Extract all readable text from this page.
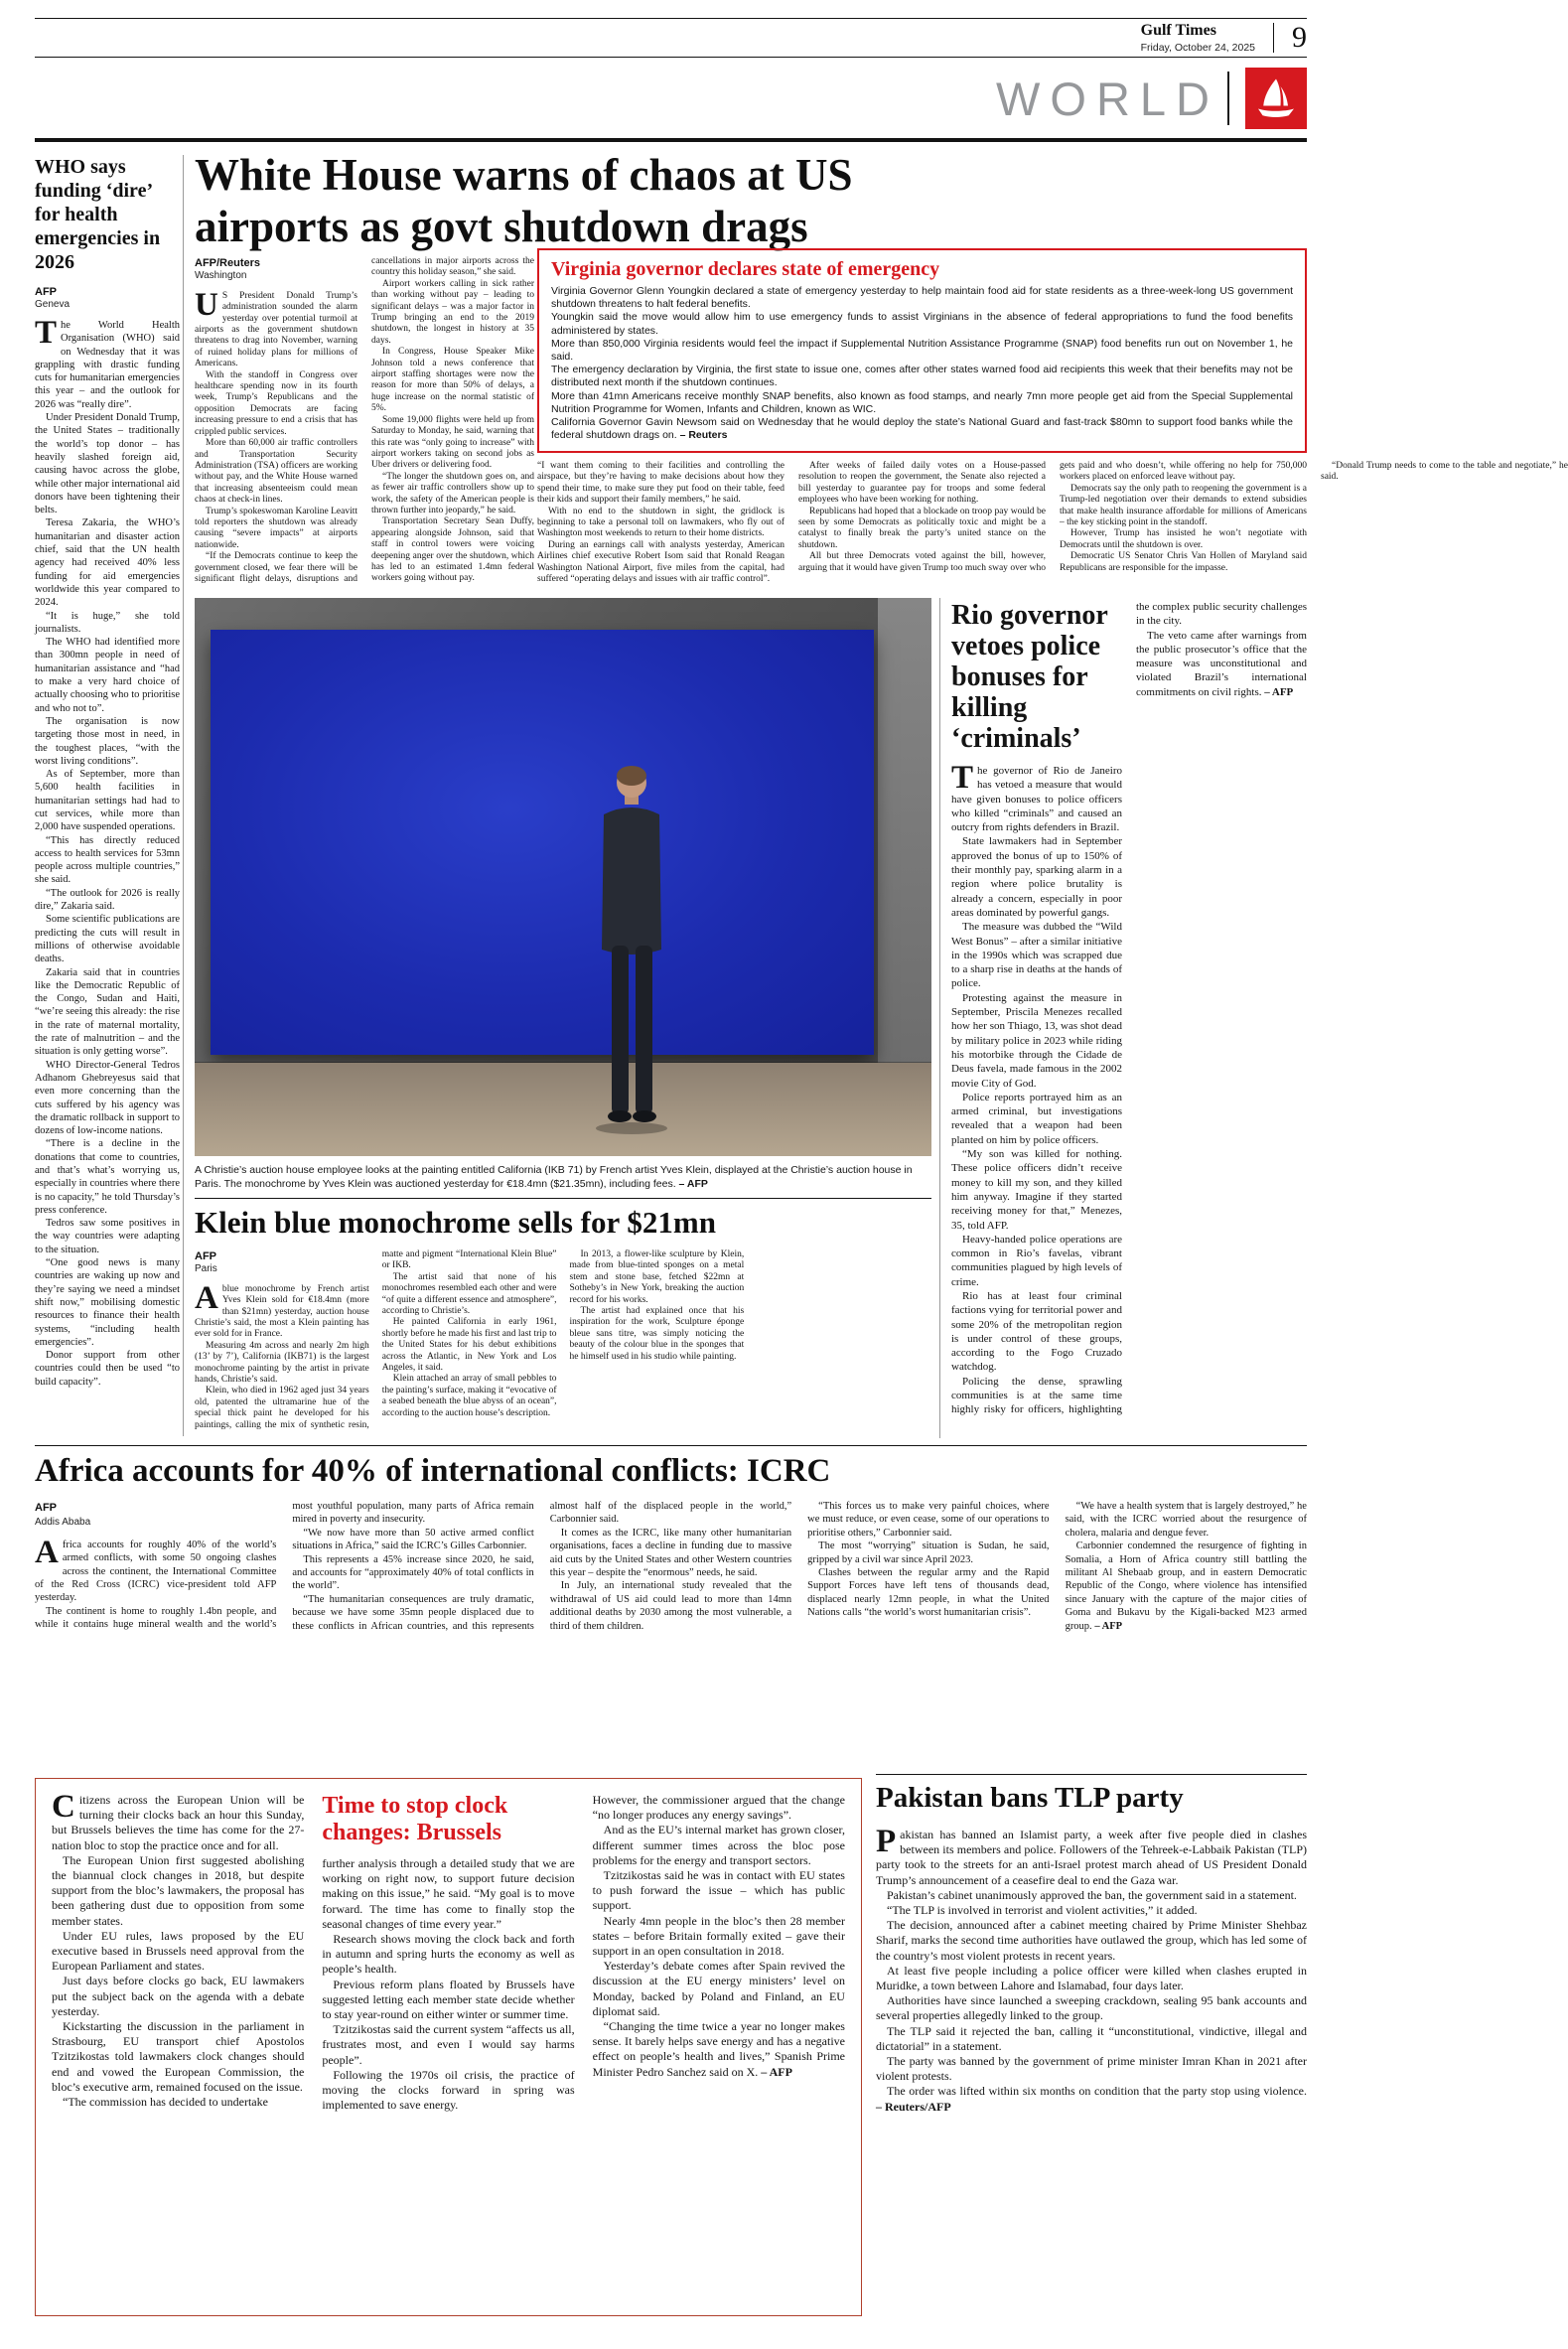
Gulf Times
Friday, October 24, 2025 9
WORLD
WHO says funding ‘dire’ for health emergencies in 2026
AFP
Geneva

The World Health Organisation (WHO) said on Wednesday that it was grappling with drastic funding cuts for humanitarian emergencies this year – and the outlook for 2026 was “really dire”.

Under President Donald Trump, the United States – traditionally the world’s top donor – has heavily slashed foreign aid, causing havoc across the globe, while other major international aid donors have been tightening their belts.

Teresa Zakaria, the WHO’s humanitarian and disaster action chief, said that the UN health agency had received 40% less funding for aid emergencies worldwide this year compared to 2024.

“It is huge,” she told journalists.

The WHO had identified more than 300mn people in need of humanitarian assistance and “had to make a very hard choice of actually choosing who to prioritise and who not to”.

The organisation is now targeting those most in need, in the toughest places, “with the worst living conditions”.

As of September, more than 5,600 health facilities in humanitarian settings had had to cut services, while more than 2,000 have suspended operations.

“This has directly reduced access to health services for 53mn people across multiple countries,” she said.

“The outlook for 2026 is really dire,” Zakaria said.

Some scientific publications are predicting the cuts will result in millions of otherwise avoidable deaths.

Zakaria said that in countries like the Democratic Republic of the Congo, Sudan and Haiti, “we’re seeing this already: the rise in the rate of maternal mortality, the rate of malnutrition – and the situation is only getting worse”.

WHO Director-General Tedros Adhanom Ghebreyesus said that even more concerning than the cuts suffered by his agency was the dramatic rollback in support to dozens of low-income nations.

“There is a decline in the donations that come to countries, and that’s what’s worrying us, especially in countries where there is no capacity,” he told Thursday’s press conference.

Tedros saw some positives in the way countries were adapting to the situation.

“One good news is many countries are waking up now and they’re saying we need a mindset shift now,” mobilising domestic resources to finance their health systems, “including health emergencies”.

Donor support from other countries could then be used “to build capacity”.

White House warns of chaos at US airports as govt shutdown drags
AFP/Reuters
Washington

U S President Donald Trump’s administration sounded the alarm yesterday over potential turmoil at airports as the government shutdown threatens to drag into November, warning of ruined holiday plans for millions of Americans.

With the standoff in Congress over healthcare spending now in its fourth week, Trump’s Republicans and the opposition Democrats are facing increasing pressure to end a crisis that has crippled public services.

More than 60,000 air traffic controllers and Transportation Security Administration (TSA) officers are working without pay, and the White House warned that increasing absenteeism could mean chaos at check-in lines.

Trump’s spokeswoman Karoline Leavitt told reporters the shutdown was already causing “severe impacts” at airports nationwide.

“If the Democrats continue to keep the government closed, we fear there will be significant flight delays, disruptions and cancellations in major airports across the country this holiday season,” she said.

Airport workers calling in sick rather than working without pay – leading to significant delays – was a major factor in Trump bringing an end to the 2019 shutdown, the longest in history at 35 days.

In Congress, House Speaker Mike Johnson told a news conference that airport staffing shortages were now the reason for more than 50% of delays, a huge increase on the normal statistic of 5%.

Some 19,000 flights were held up from Saturday to Monday, he said, warning that this rate was “only going to increase” with airport workers taking on second jobs as Uber drivers or delivering food.

“The longer the shutdown goes on, and as fewer air traffic controllers show up to work, the safety of the American people is thrown further into jeopardy,” he said.

Transportation Secretary Sean Duffy, appearing alongside Johnson, said that staff in control towers were voicing deepening anger over the shutdown, which has led to an estimated 1.4mn federal workers going without pay.

Virginia governor declares state of emergency

Virginia Governor Glenn Youngkin declared a state of emergency yesterday to help maintain food aid for state residents as a three-week-long US government shutdown threatens to halt federal benefits.

Youngkin said the move would allow him to use emergency funds to assist Virginians in the absence of federal appropriations to fund the food benefits administered by states.

More than 850,000 Virginia residents would feel the impact if Supplemental Nutrition Assistance Programme (SNAP) food benefits run out on November 1, he said.

The emergency declaration by Virginia, the first state to issue one, comes after other states warned food aid recipients this week that their benefits may not be distributed next month if the shutdown continues.

More than 41mn Americans receive monthly SNAP benefits, also known as food stamps, and nearly 7mn more people get aid from the Special Supplemental Nutrition Programme for Women, Infants and Children, known as WIC.

California Governor Gavin Newsom said on Wednesday that he would deploy the state’s National Guard and fast-track $80mn to support food banks while the federal shutdown drags on. – Reuters

“I want them coming to their facilities and controlling the airspace, but they’re having to make decisions about how they spend their time, to make sure they put food on their table, feed their kids and support their family members,” he said.

With no end to the shutdown in sight, the gridlock is beginning to take a personal toll on lawmakers, who fly out of Washington most weekends to return to their home districts.

During an earnings call with analysts yesterday, American Airlines chief executive Robert Isom said that Ronald Reagan Washington National Airport, five miles from the capital, had suffered “operating delays and issues with air traffic control”.

After weeks of failed daily votes on a House-passed resolution to reopen the government, the Senate also rejected a bill yesterday to guarantee pay for troops and some federal employees who have been working for nothing.

Republicans had hoped that a blockade on troop pay would be seen by some Democrats as politically toxic and might be a catalyst to finally break the party’s united stance on the shutdown.

All but three Democrats voted against the bill, however, arguing that it would have given Trump too much sway over who gets paid and who doesn’t, while offering no help for 750,000 workers placed on enforced leave without pay.

Democrats say the only path to reopening the government is a Trump-led negotiation over their demands to extend subsidies that make health insurance affordable for millions of Americans – the key sticking point in the standoff.

However, Trump has insisted he won’t negotiate with Democrats until the shutdown is over.

Democratic US Senator Chris Van Hollen of Maryland said Republicans are responsible for the impasse.

“Donald Trump needs to come to the table and negotiate,” he said.

A Christie’s auction house employee looks at the painting entitled California (IKB 71) by French artist Yves Klein, displayed at the Christie’s auction house in Paris. The monochrome by Yves Klein was auctioned yesterday for €18.4mn ($21.35mn), including fees. – AFP

Klein blue monochrome sells for $21mn
AFP
Paris

A blue monochrome by French artist Yves Klein sold for €18.4mn (more than $21mn) yesterday, auction house Christie’s said, the most a Klein painting has ever sold for in France.

Measuring 4m across and nearly 2m high (13’ by 7’), California (IKB71) is the largest monochrome painting by the artist in private hands, Christie’s said.

Klein, who died in 1962 aged just 34 years old, patented the ultramarine hue of the special thick paint he developed for his paintings, calling the mix of synthetic resin, matte and pigment “International Klein Blue” or IKB.

The artist said that none of his monochromes resembled each other and were “of quite a different essence and atmosphere”, according to Christie’s.

He painted California in early 1961, shortly before he made his first and last trip to the United States for his debut exhibitions across the Atlantic, in New York and Los Angeles, it said.

Klein attached an array of small pebbles to the painting’s surface, making it “evocative of a seabed beneath the blue abyss of an ocean”, according to the auction house’s description.

In 2013, a flower-like sculpture by Klein, made from blue-tinted sponges on a metal stem and stone base, fetched $22mn at Sotheby’s in New York, breaking the auction record for his works.

The artist had explained once that his inspiration for the work, Sculpture éponge bleue sans titre, was simply noticing the beauty of the colour blue in the sponges that he himself used in his studio while painting.

Rio governor vetoes police bonuses for killing ‘criminals’

The governor of Rio de Janeiro has vetoed a measure that would have given bonuses to police officers who killed “criminals” and caused an outcry from rights defenders in Brazil.

State lawmakers had in September approved the bonus of up to 150% of their monthly pay, sparking alarm in a region where police brutality is already a concern, especially in poor areas dominated by powerful gangs.

The measure was dubbed the “Wild West Bonus” – after a similar initiative in the 1990s which was scrapped due to a sharp rise in deaths at the hands of police.

Protesting against the measure in September, Priscila Menezes recalled how her son Thiago, 13, was shot dead by military police in 2023 while riding his motorbike through the Cidade de Deus favela, made famous in the 2002 movie City of God.

Police reports portrayed him as an armed criminal, but investigations revealed that a weapon had been planted on him by police officers.

“My son was killed for nothing. These police officers didn’t receive money to kill my son, and they killed him anyway. Imagine if they started receiving money for that,” Menezes, 35, told AFP.

Heavy-handed police operations are common in Rio’s favelas, vibrant communities plagued by high levels of crime.

Rio has at least four criminal factions vying for territorial power and some 20% of the metropolitan region is under control of these groups, according to the Fogo Cruzado watchdog.

Policing the dense, sprawling communities is at the same time highly risky for officers, highlighting the complex public security challenges in the city.

The veto came after warnings from the public prosecutor’s office that the measure was unconstitutional and violated Brazil’s international commitments on civil rights. – AFP

Africa accounts for 40% of international conflicts: ICRC
AFP
Addis Ababa

Africa accounts for roughly 40% of the world’s armed conflicts, with some 50 ongoing clashes across the continent, the International Committee of the Red Cross (ICRC) vice-president told AFP yesterday.

The continent is home to roughly 1.4bn people, and while it contains huge mineral wealth and the world’s most youthful population, many parts of Africa remain mired in poverty and insecurity.

“We now have more than 50 active armed conflict situations in Africa,” said the ICRC’s Gilles Carbonnier.

This represents a 45% increase since 2020, he said, and accounts for “approximately 40% of total conflicts in the world”.

“The humanitarian consequences are truly dramatic, because we have some 35mn people displaced due to these conflicts in African countries, and this represents almost half of the displaced people in the world,” Carbonnier said.

It comes as the ICRC, like many other humanitarian organisations, faces a decline in funding due to massive aid cuts by the United States and other Western countries this year – despite the “enormous” needs, he said.

In July, an international study revealed that the withdrawal of US aid could lead to more than 14mn additional deaths by 2030 among the most vulnerable, a third of them children.

“This forces us to make very painful choices, where we must reduce, or even cease, some of our operations to prioritise others,” Carbonnier said.

The most “worrying” situation is Sudan, he said, gripped by a civil war since April 2023.

Clashes between the regular army and the Rapid Support Forces have left tens of thousands dead, displaced nearly 12mn people, in what the United Nations calls “the world’s worst humanitarian crisis”.

“We have a health system that is largely destroyed,” he said, with the ICRC worried about the resurgence of cholera, malaria and dengue fever.

Carbonnier condemned the resurgence of fighting in Somalia, a Horn of Africa country still battling the militant Al Shebaab group, and in eastern Democratic Republic of the Congo, where violence has intensified since January with the capture of the major cities of Goma and Bukavu by the Kigali-backed M23 armed group. – AFP

Citizens across the European Union will be turning their clocks back an hour this Sunday, but Brussels believes the time has come for the 27-nation bloc to stop the practice once and for all.

The European Union first suggested abolishing the biannual clock changes in 2018, but despite support from the bloc’s lawmakers, the proposal has been gathering dust due to opposition from some member states.

Under EU rules, laws proposed by the EU executive based in Brussels need approval from the European Parliament and states.

Just days before clocks go back, EU lawmakers put the subject back on the agenda with a debate yesterday.

Kickstarting the discussion in the parliament in Strasbourg, EU transport chief Apostolos Tzitzikostas told lawmakers clock changes should end and vowed the European Commission, the bloc’s executive arm, remained focused on the issue.

“The commission has decided to undertake

Time to stop clock changes: Brussels

further analysis through a detailed study that we are working on right now, to support future decision making on this issue,” he said. “My goal is to move forward. The time has come to finally stop the seasonal changes of time every year.”

Research shows moving the clock back and forth in autumn and spring hurts the economy as well as people’s health.

Previous reform plans floated by Brussels have suggested letting each member state decide whether to stay year-round on either winter or summer time.

Tzitzikostas said the current system “affects us all, frustrates most, and even I would say harms people”.

Following the 1970s oil crisis, the practice of moving the clocks forward in spring was implemented to save energy.

However, the commissioner argued that the change “no longer produces any energy savings”.

And as the EU’s internal market has grown closer, different summer times across the bloc pose problems for the energy and transport sectors.

Tzitzikostas said he was in contact with EU states to push forward the issue – which has public support.

Nearly 4mn people in the bloc’s then 28 member states – before Britain formally exited – gave their support in an open consultation in 2018.

Yesterday’s debate comes after Spain revived the discussion at the EU energy ministers’ level on Monday, backed by Poland and Finland, an EU diplomat said.

“Changing the time twice a year no longer makes sense. It barely helps save energy and has a negative effect on people’s health and lives,” Spanish Prime Minister Pedro Sanchez said on X. – AFP

Pakistan bans TLP party

Pakistan has banned an Islamist party, a week after five people died in clashes between its members and police. Followers of the Tehreek-e-Labbaik Pakistan (TLP) party took to the streets for an anti-Israel protest march ahead of US President Donald Trump’s announcement of a ceasefire deal to end the Gaza war.

Pakistan’s cabinet unanimously approved the ban, the government said in a statement.

“The TLP is involved in terrorist and violent activities,” it added.

The decision, announced after a cabinet meeting chaired by Prime Minister Shehbaz Sharif, marks the second time authorities have outlawed the group, which has led some of the country’s most violent protests in recent years.

At least five people including a police officer were killed when clashes erupted in Muridke, a town between Lahore and Islamabad, four days later.

Authorities have since launched a sweeping crackdown, sealing 95 bank accounts and several properties allegedly linked to the group.

The TLP said it rejected the ban, calling it “unconstitutional, vindictive, illegal and dictatorial” in a statement.

The party was banned by the government of prime minister Imran Khan in 2021 after violent protests.

The order was lifted within six months on condition that the party stop using violence. – Reuters/AFP
